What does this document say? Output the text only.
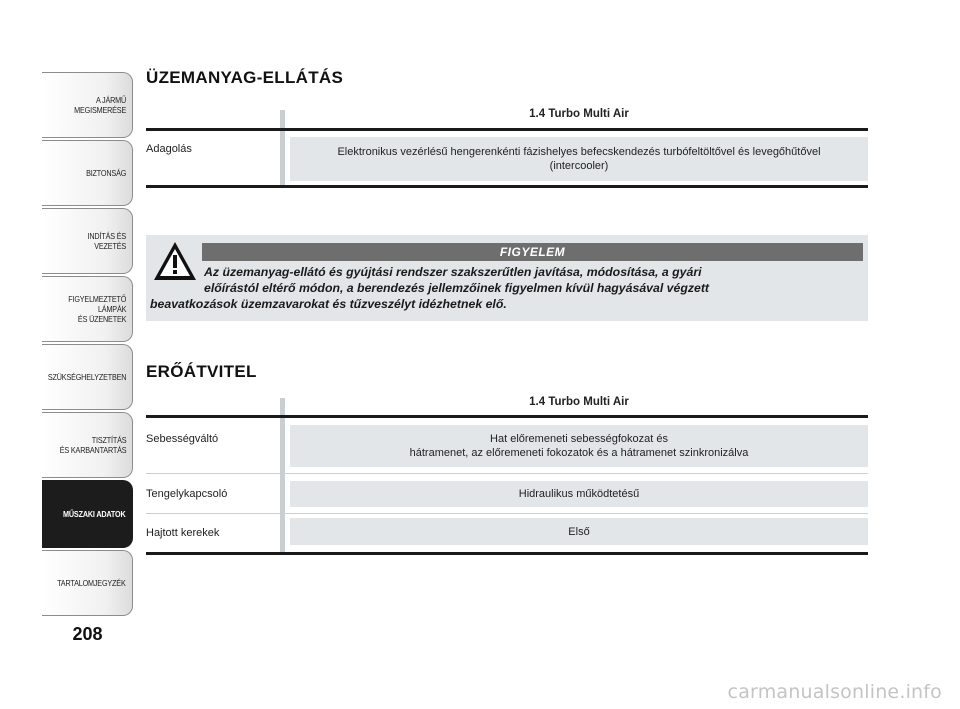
A JÁRMŰ
MEGISMERÉSE
BIZTONSÁG
INDÍTÁS ÉS VEZETÉS
FIGYELMEZTETŐ
LÁMPÁK
ÉS ÜZENETEK
SZÜKSÉGHELYZETBEN
TISZTÍTÁS
ÉS KARBANTARTÁS
MŰSZAKI ADATOK
TARTALOMJEGYZÉK
208
ÜZEMANYAG-ELLÁTÁS
1.4 Turbo Multi Air
Adagolás	Elektronikus vezérlésű hengerenkénti fázishelyes befecskendezés turbófeltöltővel és levegőhűtővel
(intercooler)
FIGYELEM
Az üzemanyag-ellátó és gyújtási rendszer szakszerűtlen javítása, módosítása, a gyári
előírástól eltérő módon, a berendezés jellemzőinek figyelmen kívül hagyásával végzett
beavatkozások üzemzavarokat és tűzveszélyt idézhetnek elő.
ERŐÁTVITEL
1.4 Turbo Multi Air
Sebességváltó	Hat előremeneti sebességfokozat és
hátramenet, az előremeneti fokozatok és a hátramenet szinkronizálva
Tengelykapcsoló	Hidraulikus működtetésű
Hajtott kerekek	Első
carmanualsonline.info
